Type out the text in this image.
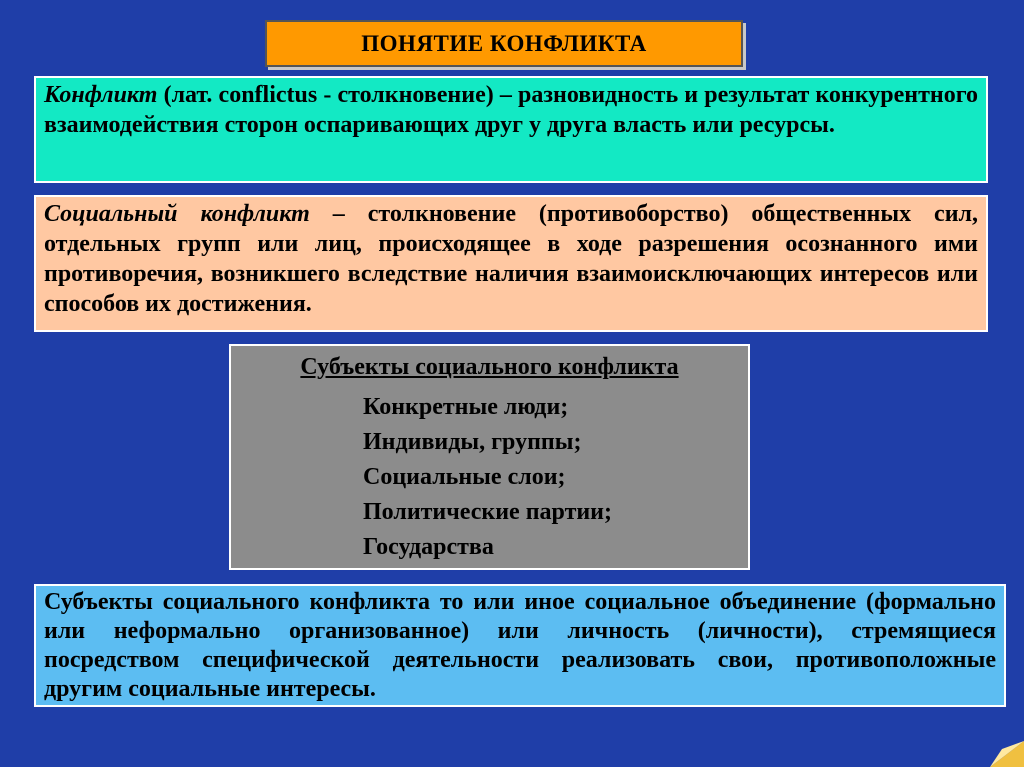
ПОНЯТИЕ КОНФЛИКТА
Конфликт (лат. conflictus - столкновение) – разновидность и результат конкурентного взаимодействия сторон оспаривающих друг у друга власть или ресурсы.
Социальный конфликт – столкновение (противоборство) общественных сил, отдельных групп или лиц, происходящее в ходе разрешения осознанного ими противоречия, возникшего вследствие наличия взаимоисключающих интересов или способов их достижения.
Субъекты социального конфликта
Конкретные люди;
Индивиды, группы;
Социальные слои;
Политические партии;
Государства
Субъекты социального конфликта то или иное социальное объединение (формально или неформально организованное) или личность (личности), стремящиеся посредством специфической деятельности реализовать свои, противоположные другим социальные интересы.
